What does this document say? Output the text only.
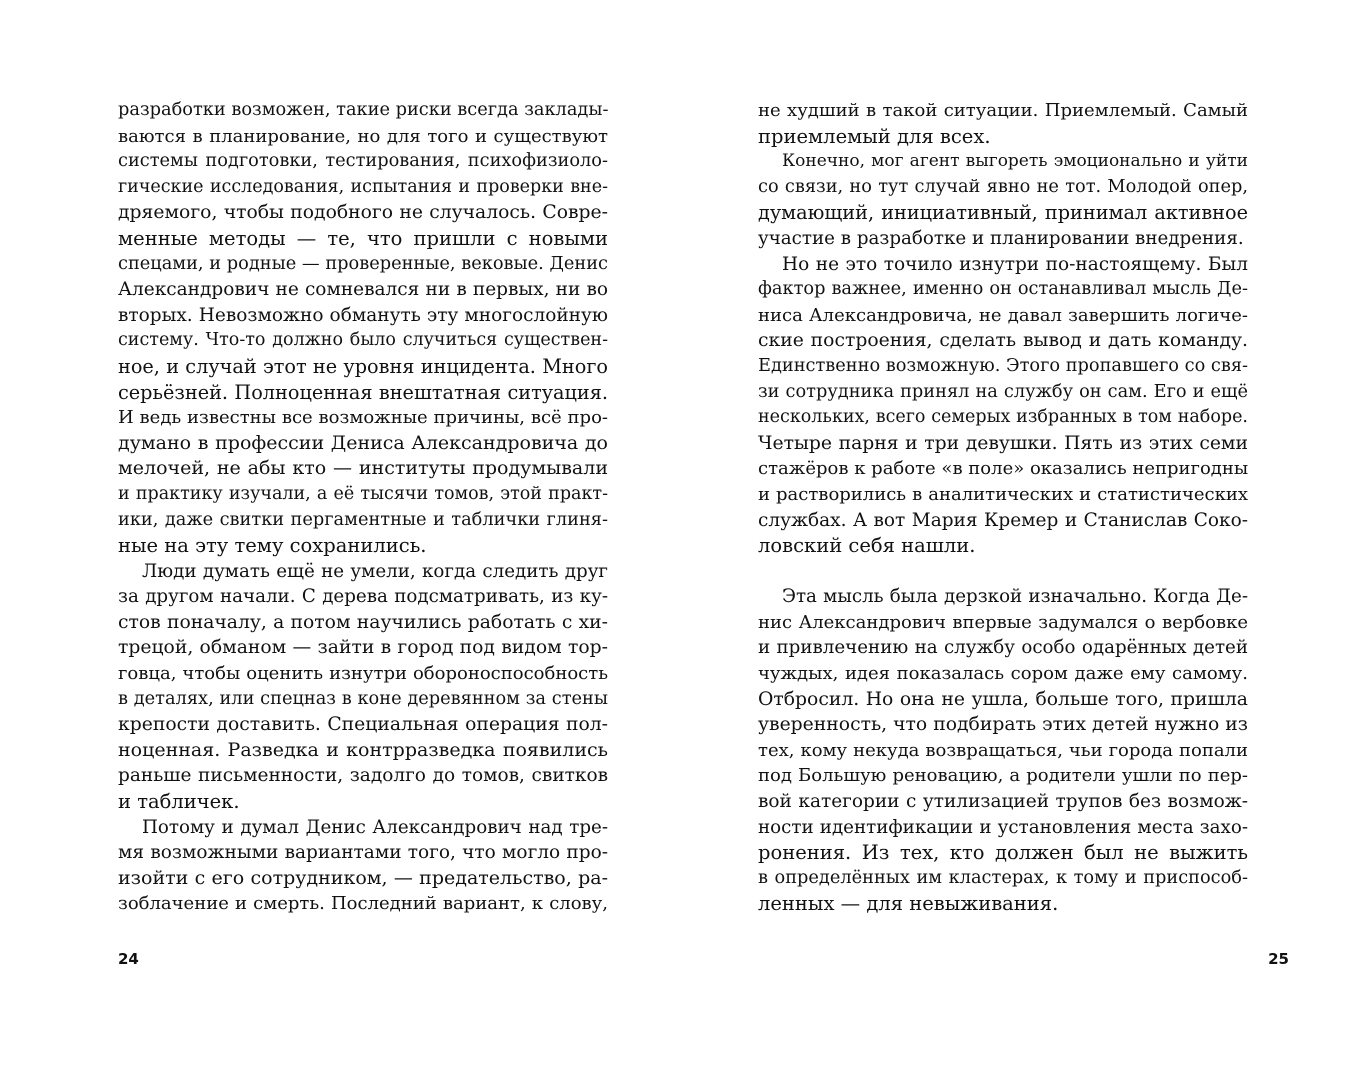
разработки возможен, такие риски всегда заклады-
ваются в планирование, но для того и существуют
системы подготовки, тестирования, психофизиоло-
гические исследования, испытания и проверки вне-
дряемого, чтобы подобного не случалось. Совре-
менные методы — те, что пришли с новыми
спецами, и родные — проверенные, вековые. Денис
Александрович не сомневался ни в первых, ни во
вторых. Невозможно обмануть эту многослойную
систему. Что-то должно было случиться существен-
ное, и случай этот не уровня инцидента. Много
серьёзней. Полноценная внештатная ситуация.
И ведь известны все возможные причины, всё про-
думано в профессии Дениса Александровича до
мелочей, не абы кто — институты продумывали
и практику изучали, а её тысячи томов, этой практ-
ики, даже свитки пергаментные и таблички глиня-
ные на эту тему сохранились.
Люди думать ещё не умели, когда следить друг
за другом начали. С дерева подсматривать, из ку-
стов поначалу, а потом научились работать с хи-
трецой, обманом — зайти в город под видом тор-
говца, чтобы оценить изнутри обороноспособность
в деталях, или спецназ в коне деревянном за стены
крепости доставить. Специальная операция пол-
ноценная. Разведка и контрразведка появились
раньше письменности, задолго до томов, свитков
и табличек.
Потому и думал Денис Александрович над тре-
мя возможными вариантами того, что могло про-
изойти с его сотрудником, — предательство, ра-
зоблачение и смерть. Последний вариант, к слову,
24
не худший в такой ситуации. Приемлемый. Самый
приемлемый для всех.
Конечно, мог агент выгореть эмоционально и уйти
со связи, но тут случай явно не тот. Молодой опер,
думающий, инициативный, принимал активное
участие в разработке и планировании внедрения.
Но не это точило изнутри по-настоящему. Был
фактор важнее, именно он останавливал мысль Де-
ниса Александровича, не давал завершить логиче-
ские построения, сделать вывод и дать команду.
Единственно возможную. Этого пропавшего со свя-
зи сотрудника принял на службу он сам. Его и ещё
нескольких, всего семерых избранных в том наборе.
Четыре парня и три девушки. Пять из этих семи
стажёров к работе «в поле» оказались непригодны
и растворились в аналитических и статистических
службах. А вот Мария Кремер и Станислав Соко-
ловский себя нашли.
Эта мысль была дерзкой изначально. Когда Де-
нис Александрович впервые задумался о вербовке
и привлечению на службу особо одарённых детей
чуждых, идея показалась сором даже ему самому.
Отбросил. Но она не ушла, больше того, пришла
уверенность, что подбирать этих детей нужно из
тех, кому некуда возвращаться, чьи города попали
под Большую реновацию, а родители ушли по пер-
вой категории с утилизацией трупов без возмож-
ности идентификации и установления места захо-
ронения. Из тех, кто должен был не выжить
в определённых им кластерах, к тому и приспособ-
ленных — для невыживания.
25
